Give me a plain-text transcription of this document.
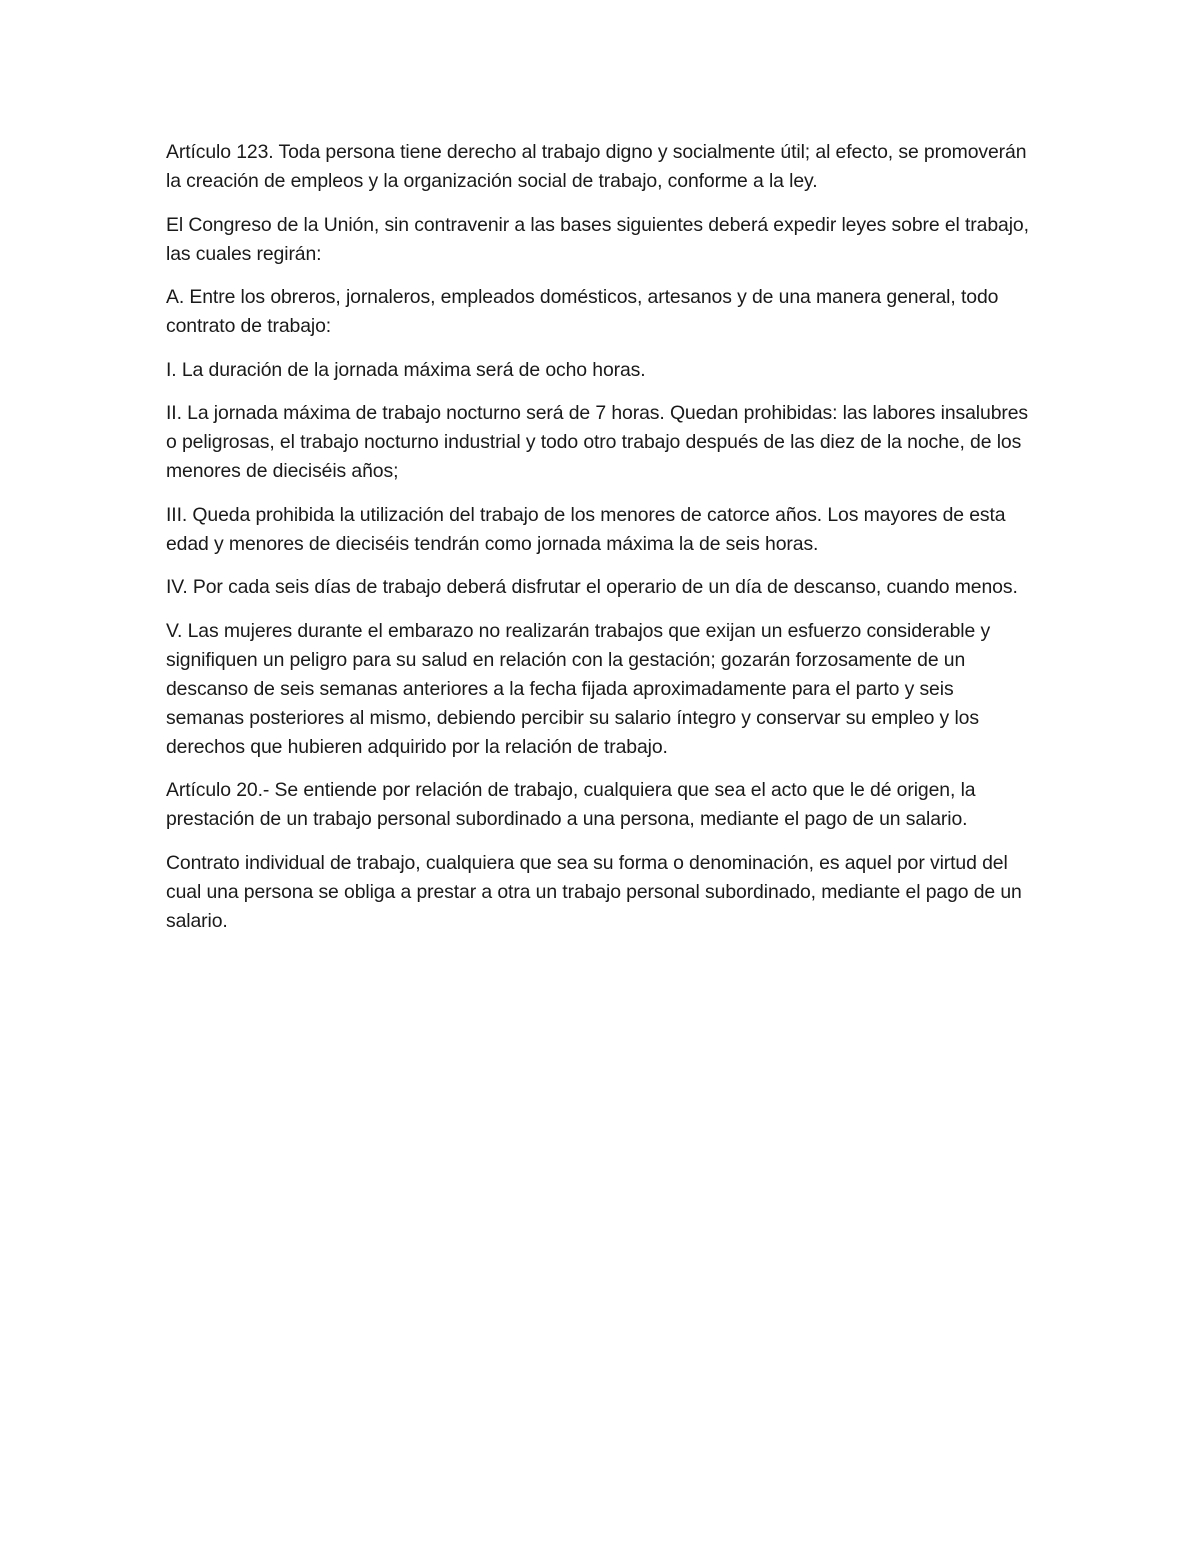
Artículo 123. Toda persona tiene derecho al trabajo digno y socialmente útil; al efecto, se promoverán la creación de empleos y la organización social de trabajo, conforme a la ley.

El Congreso de la Unión, sin contravenir a las bases siguientes deberá expedir leyes sobre el trabajo, las cuales regirán:

A. Entre los obreros, jornaleros, empleados domésticos, artesanos y de una manera general, todo contrato de trabajo:

I. La duración de la jornada máxima será de ocho horas.

II. La jornada máxima de trabajo nocturno será de 7 horas. Quedan prohibidas: las labores insalubres o peligrosas, el trabajo nocturno industrial y todo otro trabajo después de las diez de la noche, de los menores de dieciséis años;

III. Queda prohibida la utilización del trabajo de los menores de catorce años. Los mayores de esta edad y menores de dieciséis tendrán como jornada máxima la de seis horas.

IV. Por cada seis días de trabajo deberá disfrutar el operario de un día de descanso, cuando menos.

V. Las mujeres durante el embarazo no realizarán trabajos que exijan un esfuerzo considerable y signifiquen un peligro para su salud en relación con la gestación; gozarán forzosamente de un descanso de seis semanas anteriores a la fecha fijada aproximadamente para el parto y seis semanas posteriores al mismo, debiendo percibir su salario íntegro y conservar su empleo y los derechos que hubieren adquirido por la relación de trabajo.

Artículo 20.- Se entiende por relación de trabajo, cualquiera que sea el acto que le dé origen, la prestación de un trabajo personal subordinado a una persona, mediante el pago de un salario.

Contrato individual de trabajo, cualquiera que sea su forma o denominación, es aquel por virtud del cual una persona se obliga a prestar a otra un trabajo personal subordinado, mediante el pago de un salario.
